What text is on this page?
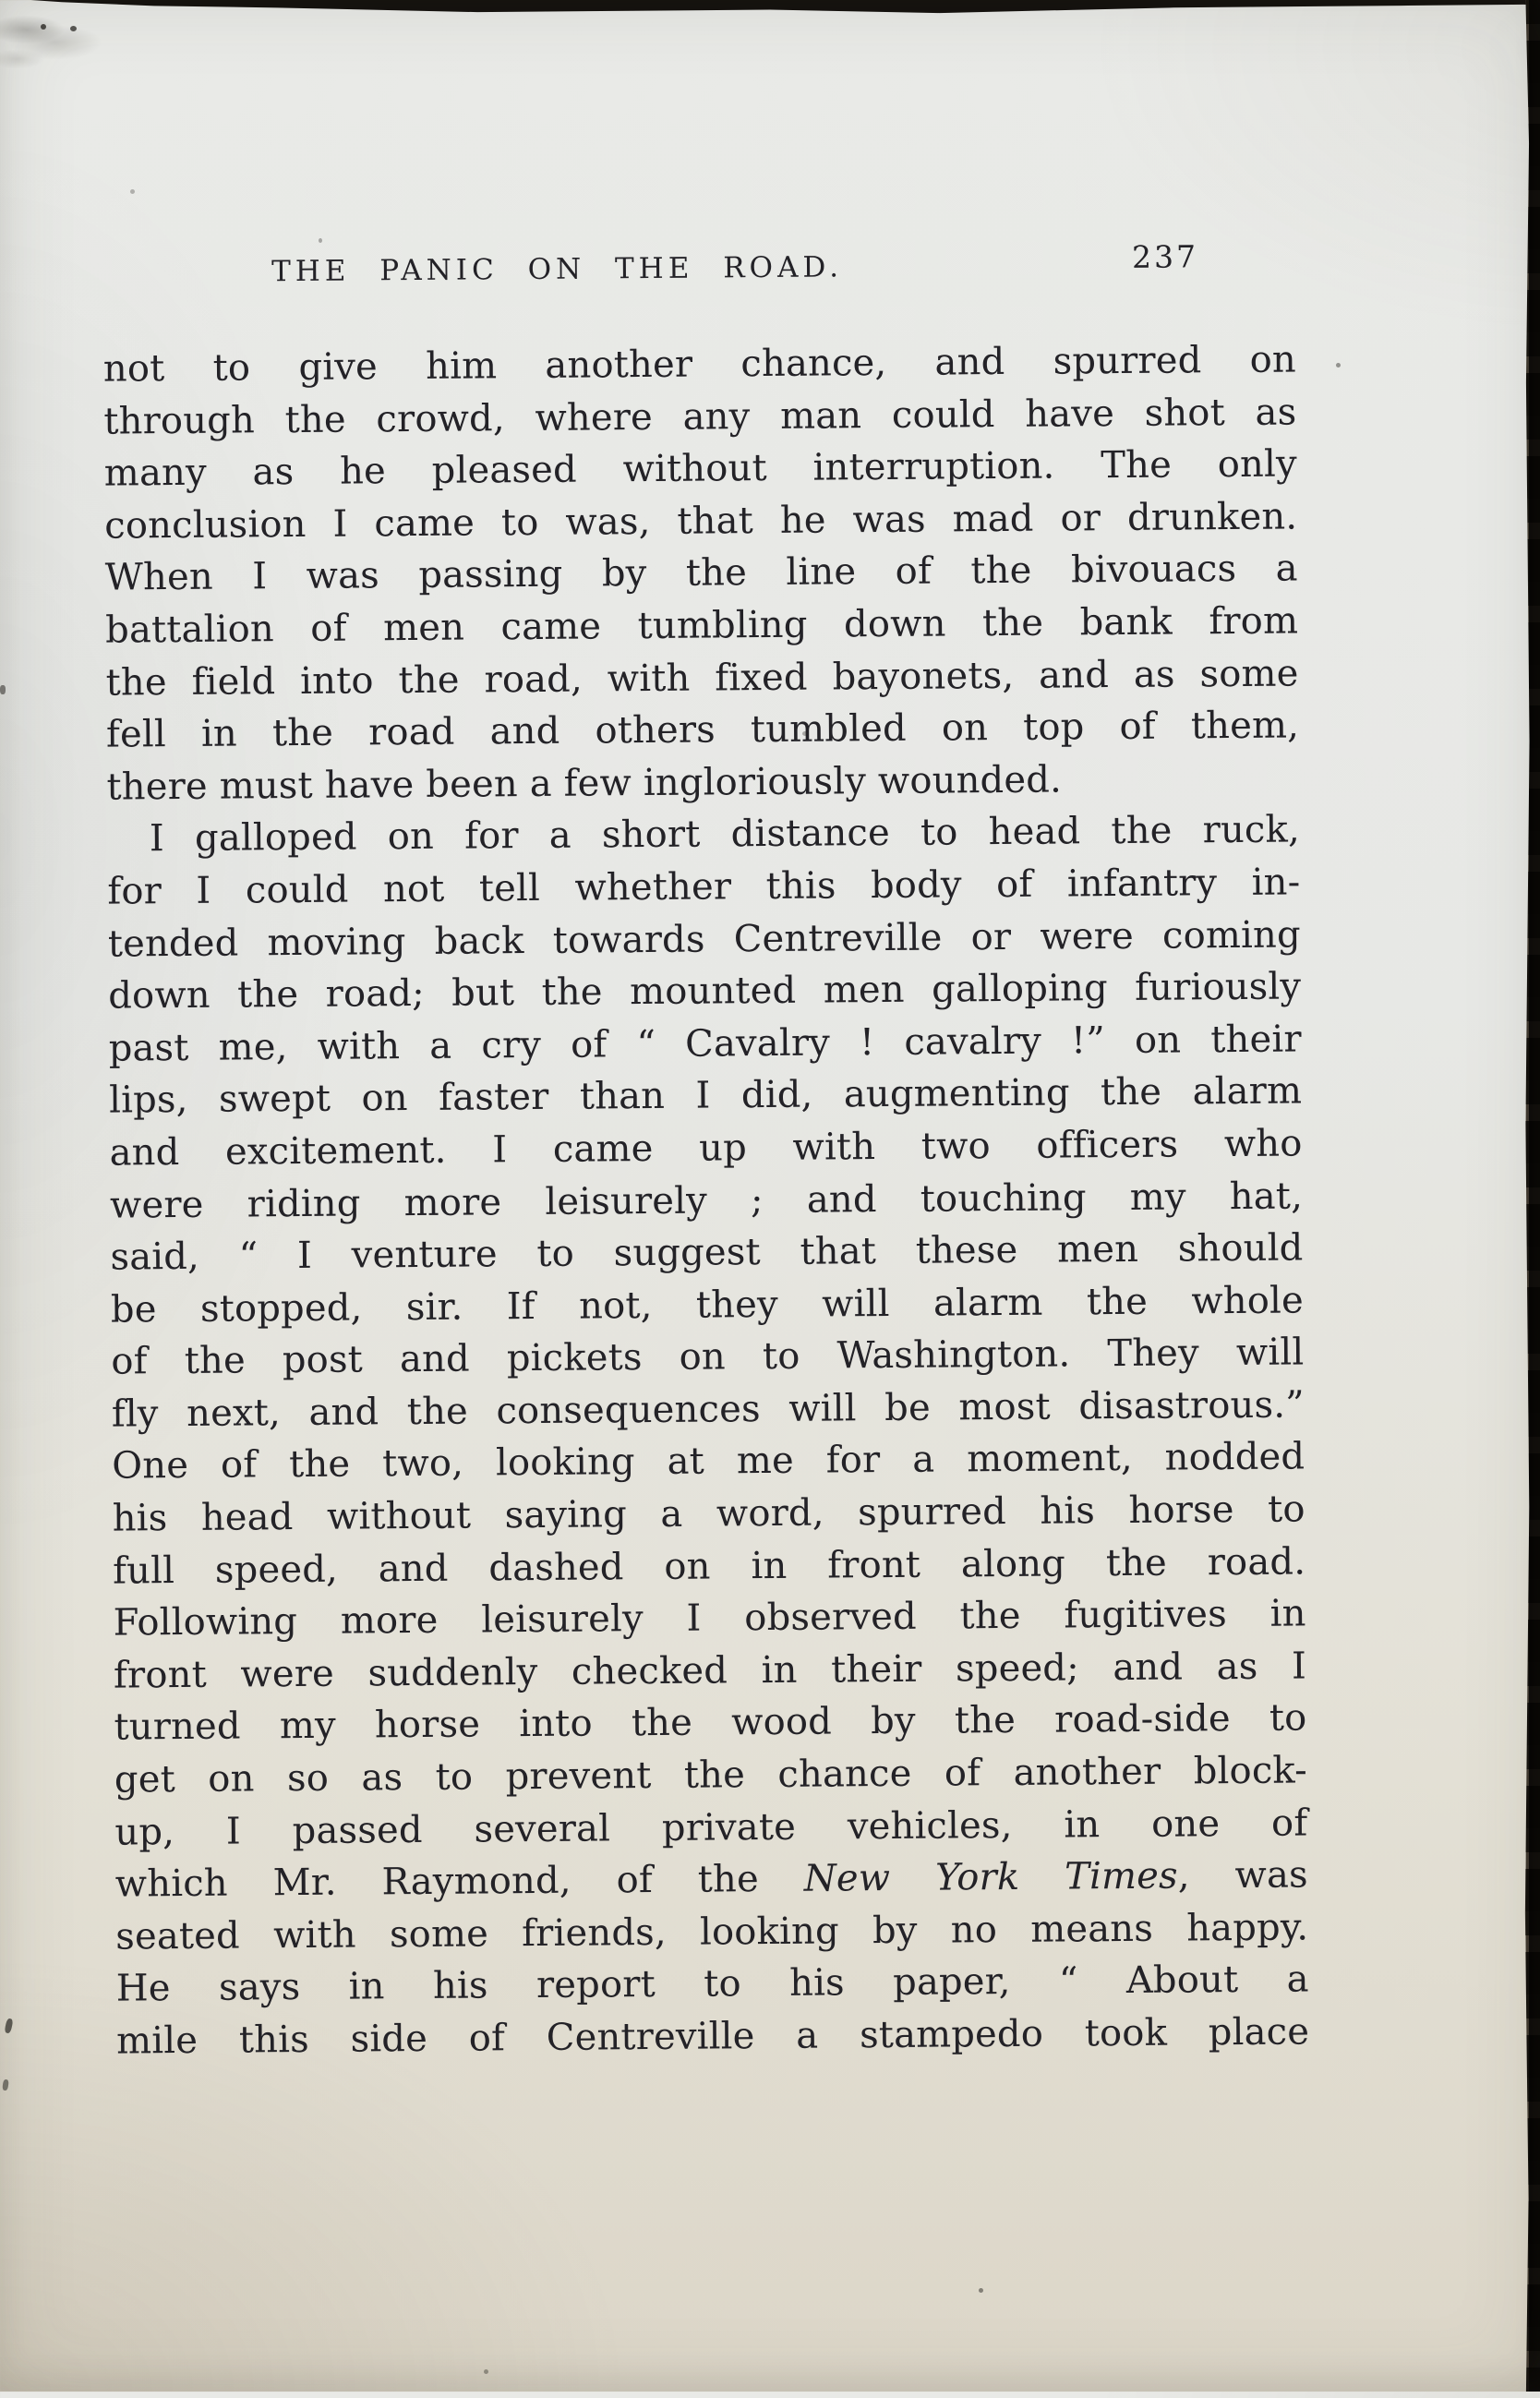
THE PANIC ON THE ROAD.	237
not to give him another chance, and spurred on
through the crowd, where any man could have shot as
many as he pleased without interruption. The only
conclusion I came to was, that he was mad or drunken.
When I was passing by the line of the bivouacs a
battalion of men came tumbling down the bank from
the field into the road, with fixed bayonets, and as some
fell in the road and others tumbled on top of them,
there must have been a few ingloriously wounded.
I galloped on for a short distance to head the ruck,
for I could not tell whether this body of infantry in-
tended moving back towards Centreville or were coming
down the road; but the mounted men galloping furiously
past me, with a cry of “ Cavalry ! cavalry !” on their
lips, swept on faster than I did, augmenting the alarm
and excitement. I came up with two officers who
were riding more leisurely ; and touching my hat,
said, “ I venture to suggest that these men should
be stopped, sir. If not, they will alarm the whole
of the post and pickets on to Washington. They will
fly next, and the consequences will be most disastrous.”
One of the two, looking at me for a moment, nodded
his head without saying a word, spurred his horse to
full speed, and dashed on in front along the road.
Following more leisurely I observed the fugitives in
front were suddenly checked in their speed; and as I
turned my horse into the wood by the road-side to
get on so as to prevent the chance of another block-
up, I passed several private vehicles, in one of
which Mr. Raymond, of the New York Times, was
seated with some friends, looking by no means happy.
He says in his report to his paper, “ About a
mile this side of Centreville a stampedo took place
